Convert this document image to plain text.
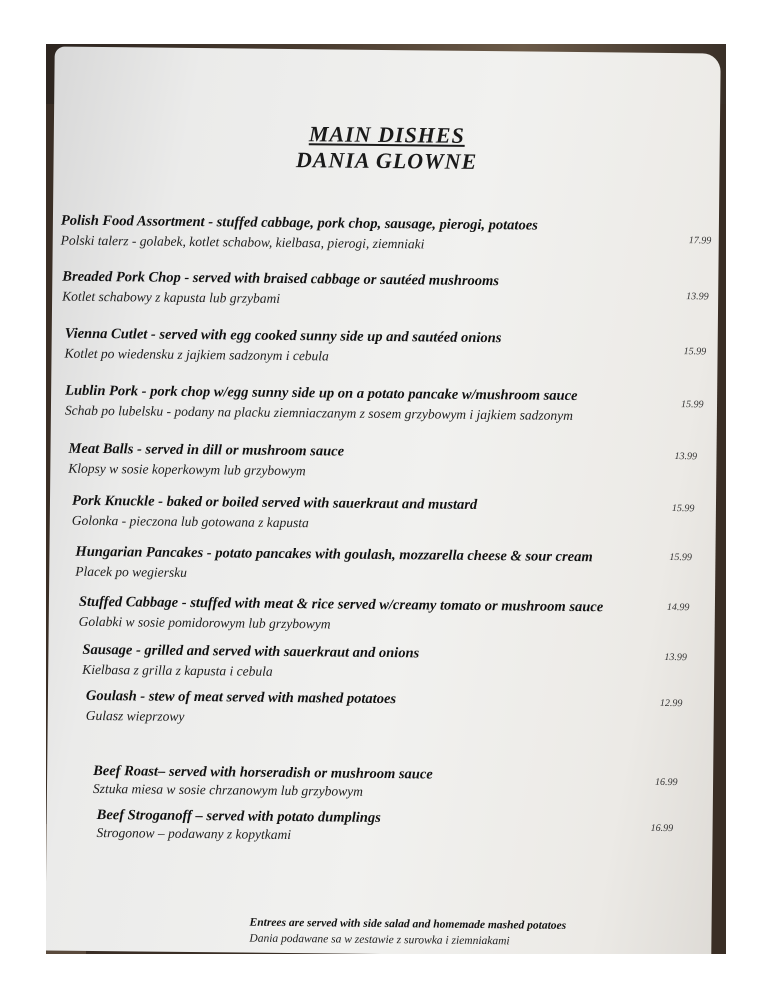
MAIN DISHES
DANIA GLOWNE
Polish Food Assortment - stuffed cabbage, pork chop, sausage, pierogi, potatoes
Polski talerz - golabek, kotlet schabow, kielbasa, pierogi, ziemniaki	17.99
Breaded Pork Chop - served with braised cabbage or sautéed mushrooms
Kotlet schabowy z kapusta lub grzybami	13.99
Vienna Cutlet - served with egg cooked sunny side up and sautéed onions
Kotlet po wiedensku z jajkiem sadzonym i cebula	15.99
Lublin Pork - pork chop w/egg sunny side up on a potato pancake w/mushroom sauce
Schab po lubelsku - podany na placku ziemniaczanym z sosem grzybowym i jajkiem sadzonym	15.99
Meat Balls - served in dill or mushroom sauce
Klopsy w sosie koperkowym lub grzybowym
13.99
Pork Knuckle - baked or boiled served with sauerkraut and mustard
Golonka - pieczona lub gotowana z kapusta
15.99
Hungarian Pancakes - potato pancakes with goulash, mozzarella cheese & sour cream
Placek po wegiersku
15.99
Stuffed Cabbage - stuffed with meat & rice served w/creamy tomato or mushroom sauce
Golabki w sosie pomidorowym lub grzybowym
14.99
Sausage - grilled and served with sauerkraut and onions
Kielbasa z grilla z kapusta i cebula
13.99
Goulash - stew of meat served with mashed potatoes
Gulasz wieprzowy
12.99
Beef Roast– served with horseradish or mushroom sauce
Sztuka miesa w sosie chrzanowym lub grzybowym	16.99
Beef Stroganoff – served with potato dumplings
Strogonow – podawany z kopytkami	16.99
Entrees are served with side salad and homemade mashed potatoes
Dania podawane sa w zestawie z surowka i ziemniakami
